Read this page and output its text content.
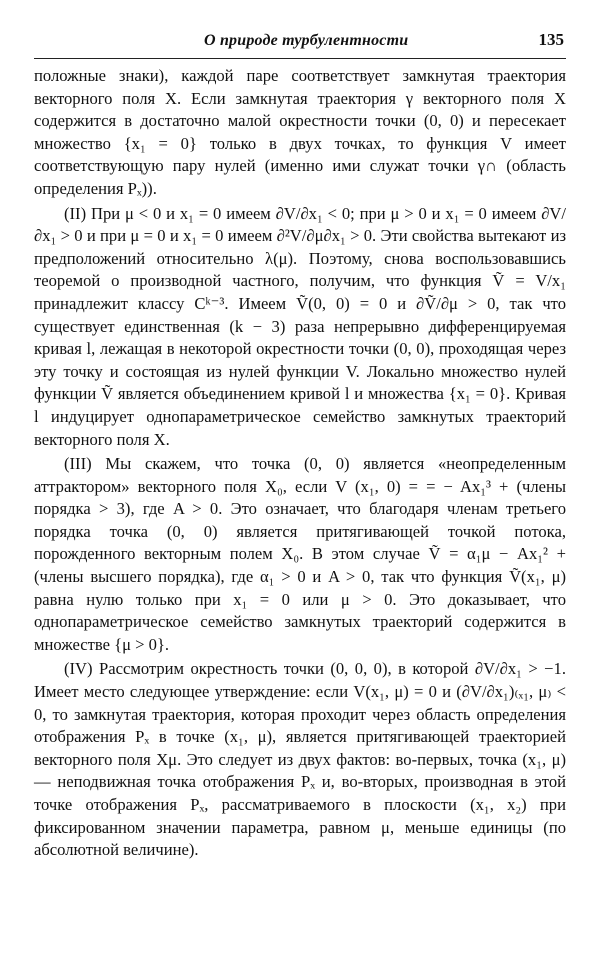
О природе турбулентности	135

положные знаки), каждой паре соответствует замкнутая траектория векторного поля X. Если замкнутая траектория γ векторного поля X содержится в достаточно малой окрестности точки (0, 0) и пересекает множество {x₁ = 0} только в двух точках, то функция V имеет соответствующую пару нулей (именно ими служат точки γ∩ (область определения Pₓ)).

(II) При μ < 0 и x₁ = 0 имеем ∂V/∂x₁ < 0; при μ > 0 и x₁ = 0 имеем ∂V/∂x₁ > 0 и при μ = 0 и x₁ = 0 имеем ∂²V/∂μ∂x₁ > 0. Эти свойства вытекают из предположений относительно λ(μ). Поэтому, снова воспользовавшись теоремой о производной частного, получим, что функция Ṽ = V/x₁ принадлежит классу Cᵏ⁻³. Имеем Ṽ(0, 0) = 0 и ∂Ṽ/∂μ > 0, так что существует единственная (k − 3) раза непрерывно дифференцируемая кривая l, лежащая в некоторой окрестности точки (0, 0), проходящая через эту точку и состоящая из нулей функции V. Локально множество нулей функции Ṽ является объединением кривой l и множества {x₁ = 0}. Кривая l индуцирует однопараметрическое семейство замкнутых траекторий векторного поля X.

(III) Мы скажем, что точка (0, 0) является «неопределенным аттрактором» векторного поля X₀, если V (x₁, 0) = = − Ax₁³ + (члены порядка > 3), где A > 0. Это означает, что благодаря членам третьего порядка точка (0, 0) является притягивающей точкой потока, порожденного векторным полем X₀. В этом случае Ṽ = α₁μ − Ax₁² + (члены высшего порядка), где α₁ > 0 и A > 0, так что функция Ṽ(x₁, μ) равна нулю только при x₁ = 0 или μ > 0. Это доказывает, что однопараметрическое семейство замкнутых траекторий содержится в множестве {μ > 0}.

(IV) Рассмотрим окрестность точки (0, 0, 0), в которой ∂V/∂x₁ > −1. Имеет место следующее утверждение: если V(x₁, μ) = 0 и (∂V/∂x₁)₍ₓ₁, μ₎ < 0, то замкнутая траектория, которая проходит через область определения отображения Pₓ в точке (x₁, μ), является притягивающей траекторией векторного поля Xμ. Это следует из двух фактов: во-первых, точка (x₁, μ) — неподвижная точка отображения Pₓ и, во-вторых, производная в этой точке отображения Pₓ, рассматриваемого в плоскости (x₁, x₂) при фиксированном значении параметра, равном μ, меньше единицы (по абсолютной величине).
